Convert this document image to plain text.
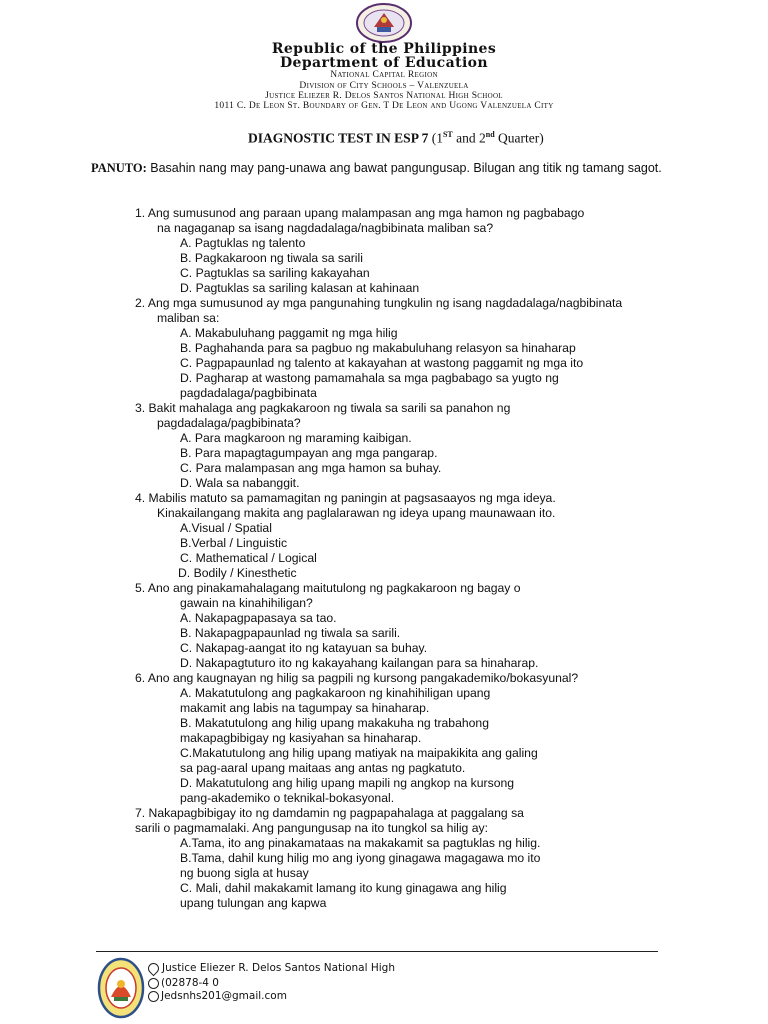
Republic of the Philippines
Department of Education
National Capital Region
Division of City Schools – Valenzuela
Justice Eliezer R. Delos Santos National High School
1011 C. De Leon St. Boundary of Gen. T De Leon and Ugong Valenzuela City
DIAGNOSTIC TEST IN ESP 7 (1ST and 2nd Quarter)
PANUTO: Basahin nang may pang-unawa ang bawat pangungusap. Bilugan ang titik ng tamang sagot.
1. Ang sumusunod ang paraan upang malampasan ang mga hamon ng pagbabago
na nagaganap sa isang nagdadalaga/nagbibinata maliban sa?
A. Pagtuklas ng talento
B. Pagkakaroon ng tiwala sa sarili
C. Pagtuklas sa sariling kakayahan
D. Pagtuklas sa sariling kalasan at kahinaan
2. Ang mga sumusunod ay mga pangunahing tungkulin ng isang nagdadalaga/nagbibinata
maliban sa:
A. Makabuluhang paggamit ng mga hilig
B. Paghahanda para sa pagbuo ng makabuluhang relasyon sa hinaharap
C. Pagpapaunlad ng talento at kakayahan at wastong paggamit ng mga ito
D. Pagharap at wastong pamamahala sa mga pagbabago sa yugto ng
pagdadalaga/pagbibinata
3. Bakit mahalaga ang pagkakaroon ng tiwala sa sarili sa panahon ng
pagdadalaga/pagbibinata?
A. Para magkaroon ng maraming kaibigan.
B. Para mapagtagumpayan ang mga pangarap.
C. Para malampasan ang mga hamon sa buhay.
D. Wala sa nabanggit.
4. Mabilis matuto sa pamamagitan ng paningin at pagsasaayos ng mga ideya.
Kinakailangang makita ang paglalarawan ng ideya upang maunawaan ito.
A.Visual / Spatial
B.Verbal / Linguistic
C. Mathematical / Logical
D. Bodily / Kinesthetic
5. Ano ang pinakamahalagang maitutulong ng pagkakaroon ng bagay o
gawain na kinahihiligan?
A. Nakapagpapasaya sa tao.
B. Nakapagpapaunlad ng tiwala sa sarili.
C. Nakapag-aangat ito ng katayuan sa buhay.
D. Nakapagtuturo ito ng kakayahang kailangan para sa hinaharap.
6. Ano ang kaugnayan ng hilig sa pagpili ng kursong pangakademiko/bokasyunal?
A. Makatutulong ang pagkakaroon ng kinahihiligan upang
makamit ang labis na tagumpay sa hinaharap.
B. Makatutulong ang hilig upang makakuha ng trabahong
makapagbibigay ng kasiyahan sa hinaharap.
C.Makatutulong ang hilig upang matiyak na maipakikita ang galing
sa pag-aaral upang maitaas ang antas ng pagkatuto.
D. Makatutulong ang hilig upang mapili ng angkop na kursong
pang-akademiko o teknikal-bokasyonal.
7. Nakapagbibigay ito ng damdamin ng pagpapahalaga at paggalang sa
sarili o pagmamalaki. Ang pangungusap na ito tungkol sa hilig ay:
A.Tama, ito ang pinakamataas na makakamit sa pagtuklas ng hilig.
B.Tama, dahil kung hilig mo ang iyong ginagawa magagawa mo ito
ng buong sigla at husay
C. Mali, dahil makakamit lamang ito kung ginagawa ang hilig
upang tulungan ang kapwa
Justice Eliezer R. Delos Santos National High
(02878-4 0
Jedsnhs201@gmail.com
